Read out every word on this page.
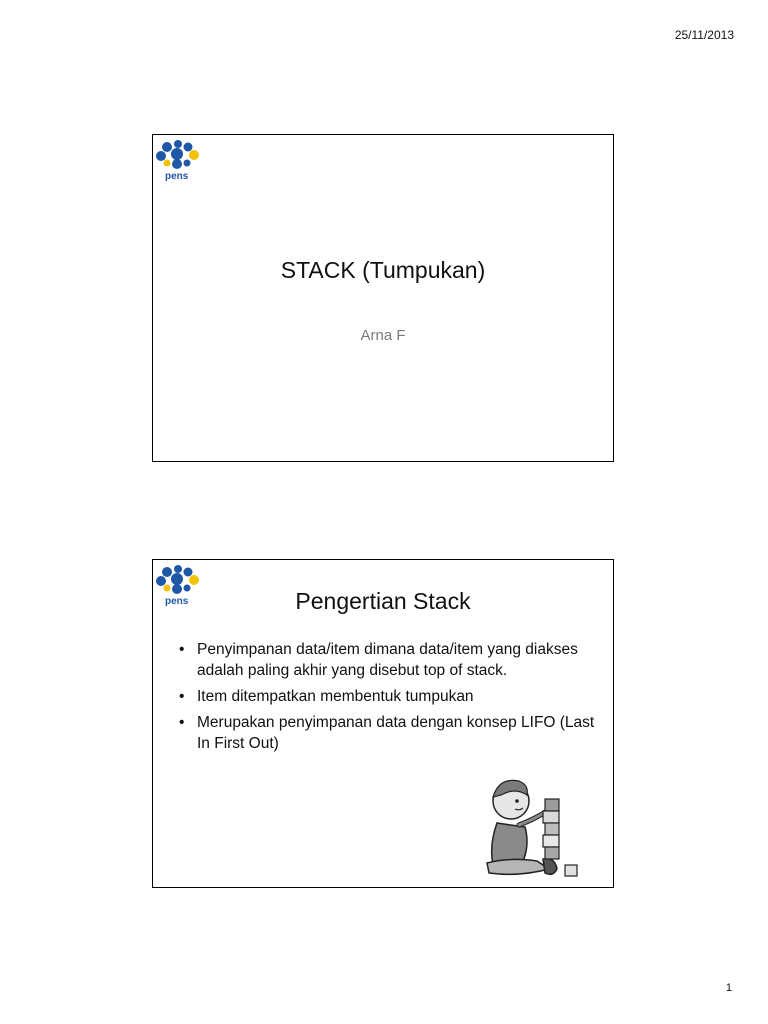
25/11/2013
pens
STACK (Tumpukan)
Arna F
pens	Pengertian Stack
• Penyimpanan data/item dimana data/item yang diakses adalah paling akhir yang disebut top of stack.
• Item ditempatkan membentuk tumpukan
• Merupakan penyimpanan data dengan konsep LIFO (Last In First Out)
1
